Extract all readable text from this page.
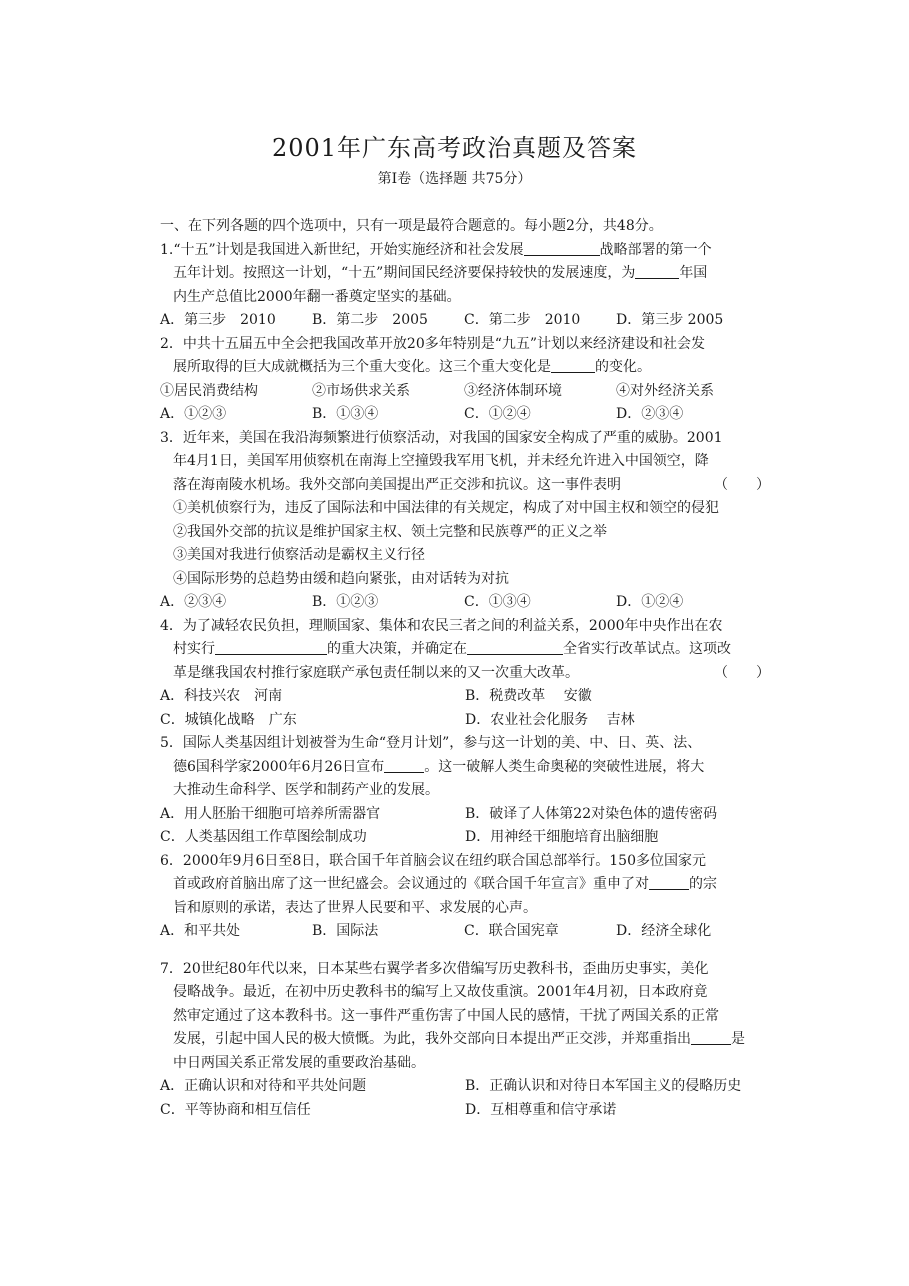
2001年广东高考政治真题及答案
第Ⅰ卷（选择题 共75分）
一、在下列各题的四个选项中，只有一项是最符合题意的。每小题2分，共48分。
1.“十五”计划是我国进入新世纪，开始实施经济和社会发展	战略部署的第一个
五年计划。按照这一计划，“十五”期间国民经济要保持较快的发展速度，为	年国
内生产总值比2000年翻一番奠定坚实的基础。
A．第三步　2010	B．第二步　2005	C．第二步　2010	D．第三步 2005
2．中共十五届五中全会把我国改革开放20多年特别是“九五”计划以来经济建设和社会发
展所取得的巨大成就概括为三个重大变化。这三个重大变化是	的变化。
①居民消费结构	②市场供求关系	③经济体制环境	④对外经济关系
A．①②③	B．①③④	C．①②④	D．②③④
3．近年来，美国在我沿海频繁进行侦察活动，对我国的国家安全构成了严重的威胁。2001
年4月1日，美国军用侦察机在南海上空撞毁我军用飞机，并未经允许进入中国领空，降
落在海南陵水机场。我外交部向美国提出严正交涉和抗议。这一事件表明	（　　）
①美机侦察行为，违反了国际法和中国法律的有关规定，构成了对中国主权和领空的侵犯
②我国外交部的抗议是维护国家主权、领土完整和民族尊严的正义之举
③美国对我进行侦察活动是霸权主义行径
④国际形势的总趋势由缓和趋向紧张，由对话转为对抗
A．②③④	B．①②③	C．①③④	D．①②④
4．为了减轻农民负担，理顺国家、集体和农民三者之间的利益关系，2000年中央作出在农
村实行	的重大决策，并确定在	全省实行改革试点。这项改
革是继我国农村推行家庭联产承包责任制以来的又一次重大改革。	（　　）
A．科技兴农　河南	B．税费改革　 安徽
C．城镇化战略　广东	D．农业社会化服务　 吉林
5．国际人类基因组计划被誉为生命“登月计划”，参与这一计划的美、中、日、英、法、
德6国科学家2000年6月26日宣布	。这一破解人类生命奥秘的突破性进展，将大
大推动生命科学、医学和制药产业的发展。
A．用人胚胎干细胞可培养所需器官	B．破译了人体第22对染色体的遗传密码
C．人类基因组工作草图绘制成功	D．用神经干细胞培育出脑细胞
6．2000年9月6日至8日，联合国千年首脑会议在纽约联合国总部举行。150多位国家元
首或政府首脑出席了这一世纪盛会。会议通过的《联合国千年宣言》重申了对	的宗
旨和原则的承诺，表达了世界人民要和平、求发展的心声。
A．和平共处	B．国际法	C．联合国宪章	D．经济全球化
7．20世纪80年代以来，日本某些右翼学者多次借编写历史教科书，歪曲历史事实，美化
侵略战争。最近，在初中历史教科书的编写上又故伎重演。2001年4月初，日本政府竟
然审定通过了这本教科书。这一事件严重伤害了中国人民的感情，干扰了两国关系的正常
发展，引起中国人民的极大愤慨。为此，我外交部向日本提出严正交涉，并郑重指出	是
中日两国关系正常发展的重要政治基础。
A．正确认识和对待和平共处问题	B．正确认识和对待日本军国主义的侵略历史
C．平等协商和相互信任	D．互相尊重和信守承诺
